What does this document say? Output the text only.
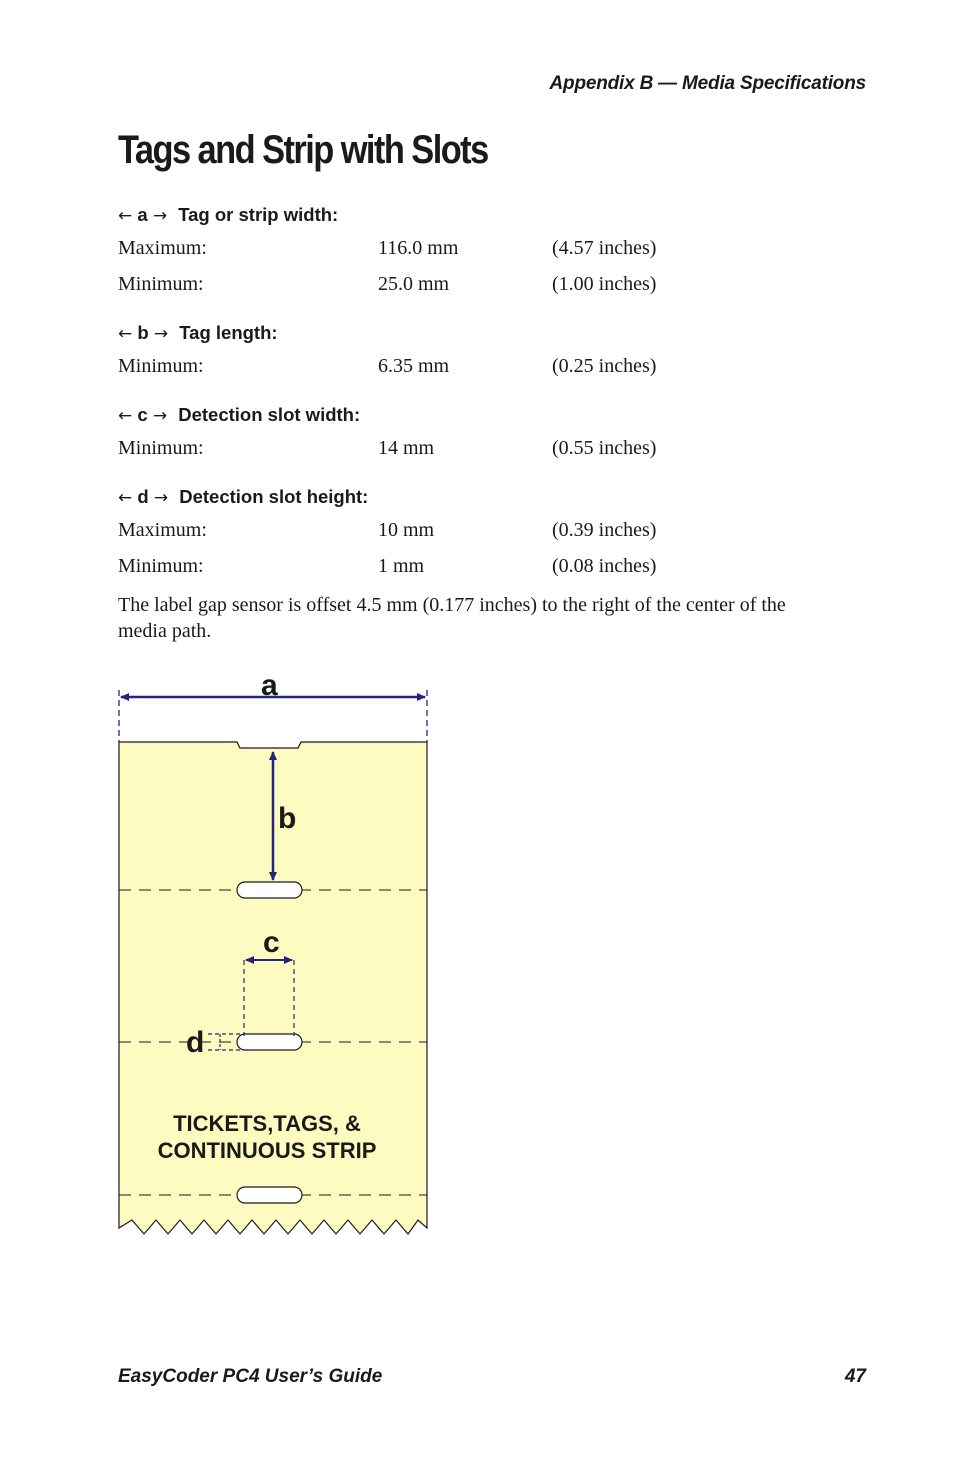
Appendix B — Media Specifications
Tags and Strip with Slots
← a → Tag or strip width:
Maximum:	116.0 mm	(4.57 inches)
Minimum:	25.0 mm	(1.00 inches)
← b → Tag length:
Minimum:	6.35 mm	(0.25 inches)
← c → Detection slot width:
Minimum:	14 mm	(0.55 inches)
← d → Detection slot height:
Maximum:	10 mm	(0.39 inches)
Minimum:	1 mm	(0.08 inches)

The label gap sensor is offset 4.5 mm (0.177 inches) to the right of the center of the media path.

a
b
c
d
TICKETS,TAGS, &
CONTINUOUS STRIP
EasyCoder PC4 User’s Guide	47
